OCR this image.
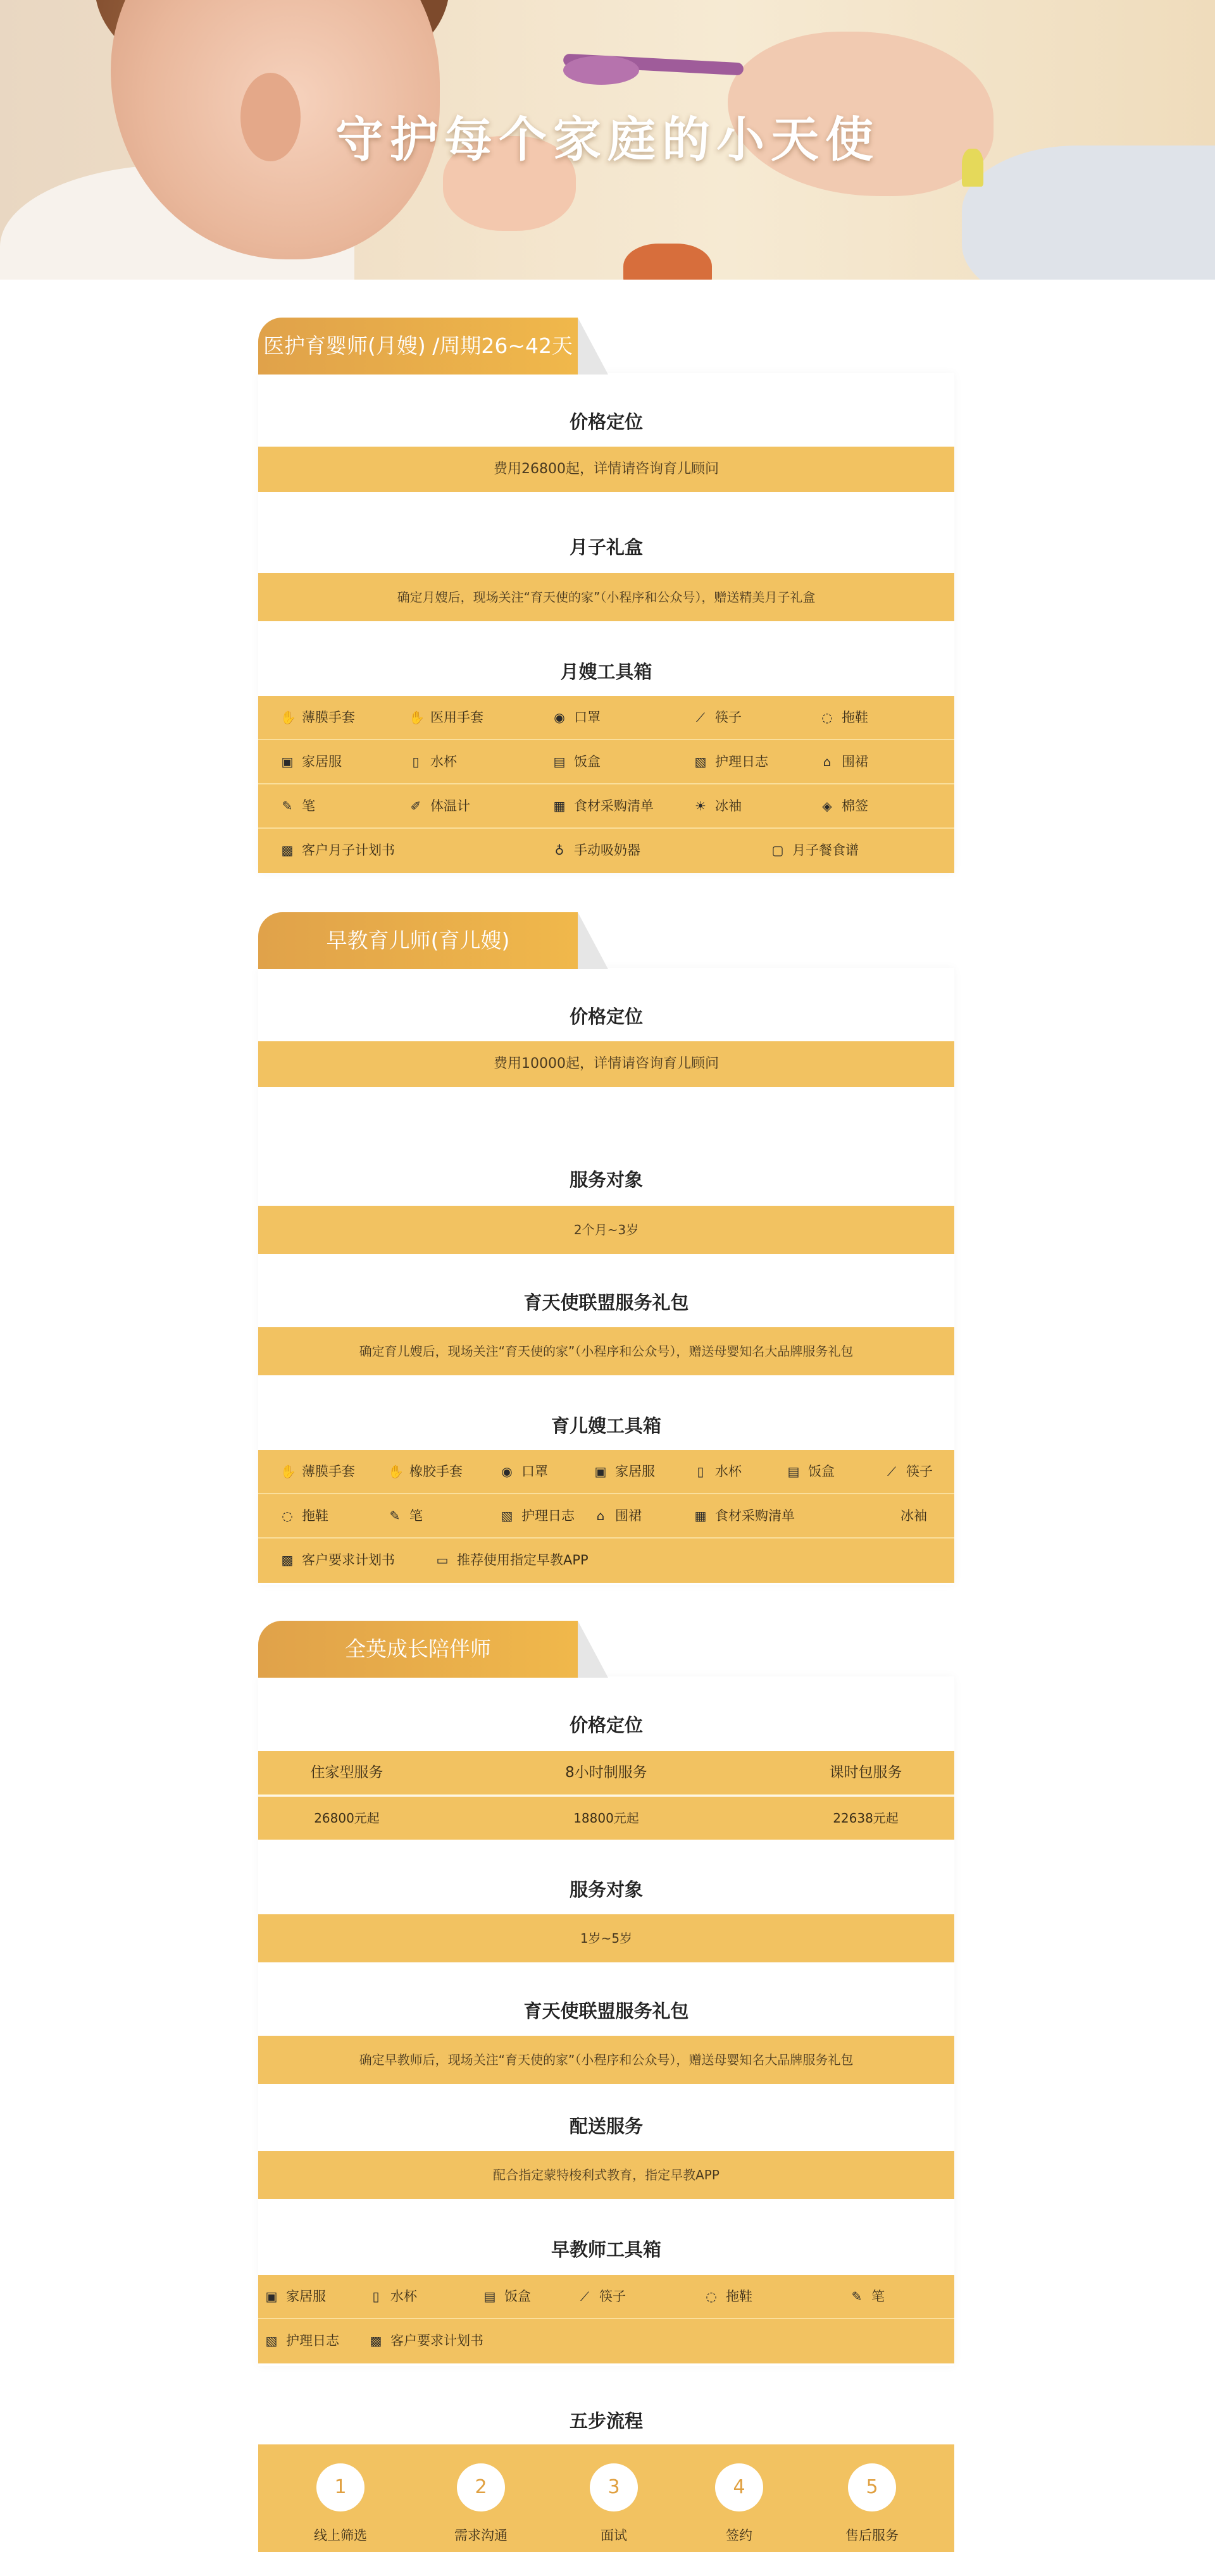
守护每个家庭的小天使
医护育婴师(月嫂) /周期26~42天
价格定位
费用26800起，详情请咨询育儿顾问
月子礼盒
确定月嫂后，现场关注“育天使的家”（小程序和公众号），赠送精美月子礼盒
月嫂工具箱
✋ 薄膜手套	✋ 医用手套	◉ 口罩	⟋ 筷子	◌ 拖鞋
▣ 家居服	▯ 水杯	▤ 饭盒	▧ 护理日志	⌂ 围裙
✎ 笔	✐ 体温计	▦ 食材采购清单	☀ 冰袖	◈ 棉签
▩ 客户月子计划书	♁ 手动吸奶器	▢ 月子餐食谱
早教育儿师(育儿嫂)
价格定位
费用10000起，详情请咨询育儿顾问
服务对象
2个月~3岁
育天使联盟服务礼包
确定育儿嫂后，现场关注“育天使的家”（小程序和公众号），赠送母婴知名大品牌服务礼包
育儿嫂工具箱
✋ 薄膜手套	✋ 橡胶手套	◉ 口罩	▣ 家居服	▯ 水杯	▤ 饭盒	⟋ 筷子
◌ 拖鞋	✎ 笔	▧ 护理日志 ⌂ 围裙	▦ 食材采购清单	冰袖
▩ 客户要求计划书	▭ 推荐使用指定早教APP
全英成长陪伴师
价格定位
住家型服务	8小时制服务	课时包服务
26800元起	18800元起	22638元起
服务对象
1岁~5岁
育天使联盟服务礼包
确定早教师后，现场关注“育天使的家”（小程序和公众号），赠送母婴知名大品牌服务礼包
配送服务
配合指定蒙特梭利式教育，指定早教APP
早教师工具箱
▣ 家居服	▯ 水杯	▤ 饭盒	⟋ 筷子	◌ 拖鞋	✎ 笔
▧ 护理日志 ▩ 客户要求计划书
五步流程
1
线上筛选
2
需求沟通
3
面试
4
签约
5
售后服务
